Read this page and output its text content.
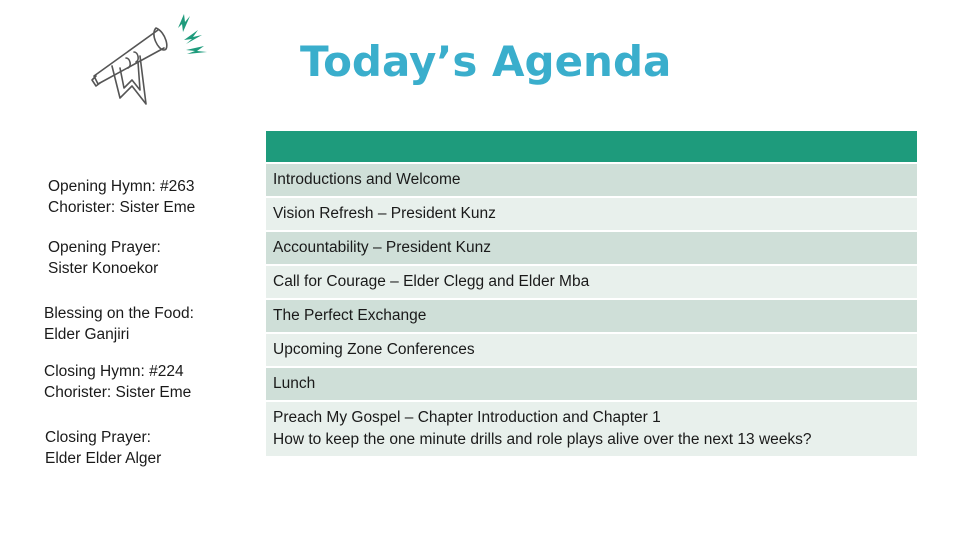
Today’s Agenda
Opening Hymn: #263
Chorister: Sister Eme
Opening Prayer:
Sister Konoekor
Blessing on the Food:
Elder Ganjiri
Closing Hymn: #224
Chorister: Sister Eme
Closing Prayer:
Elder Elder Alger

Introductions and Welcome

Vision Refresh – President Kunz

Accountability – President Kunz

Call for Courage – Elder Clegg and Elder Mba

The Perfect Exchange

Upcoming Zone Conferences

Lunch

Preach My Gospel – Chapter Introduction and Chapter 1
How to keep the one minute drills and role plays alive over the next 13 weeks?
